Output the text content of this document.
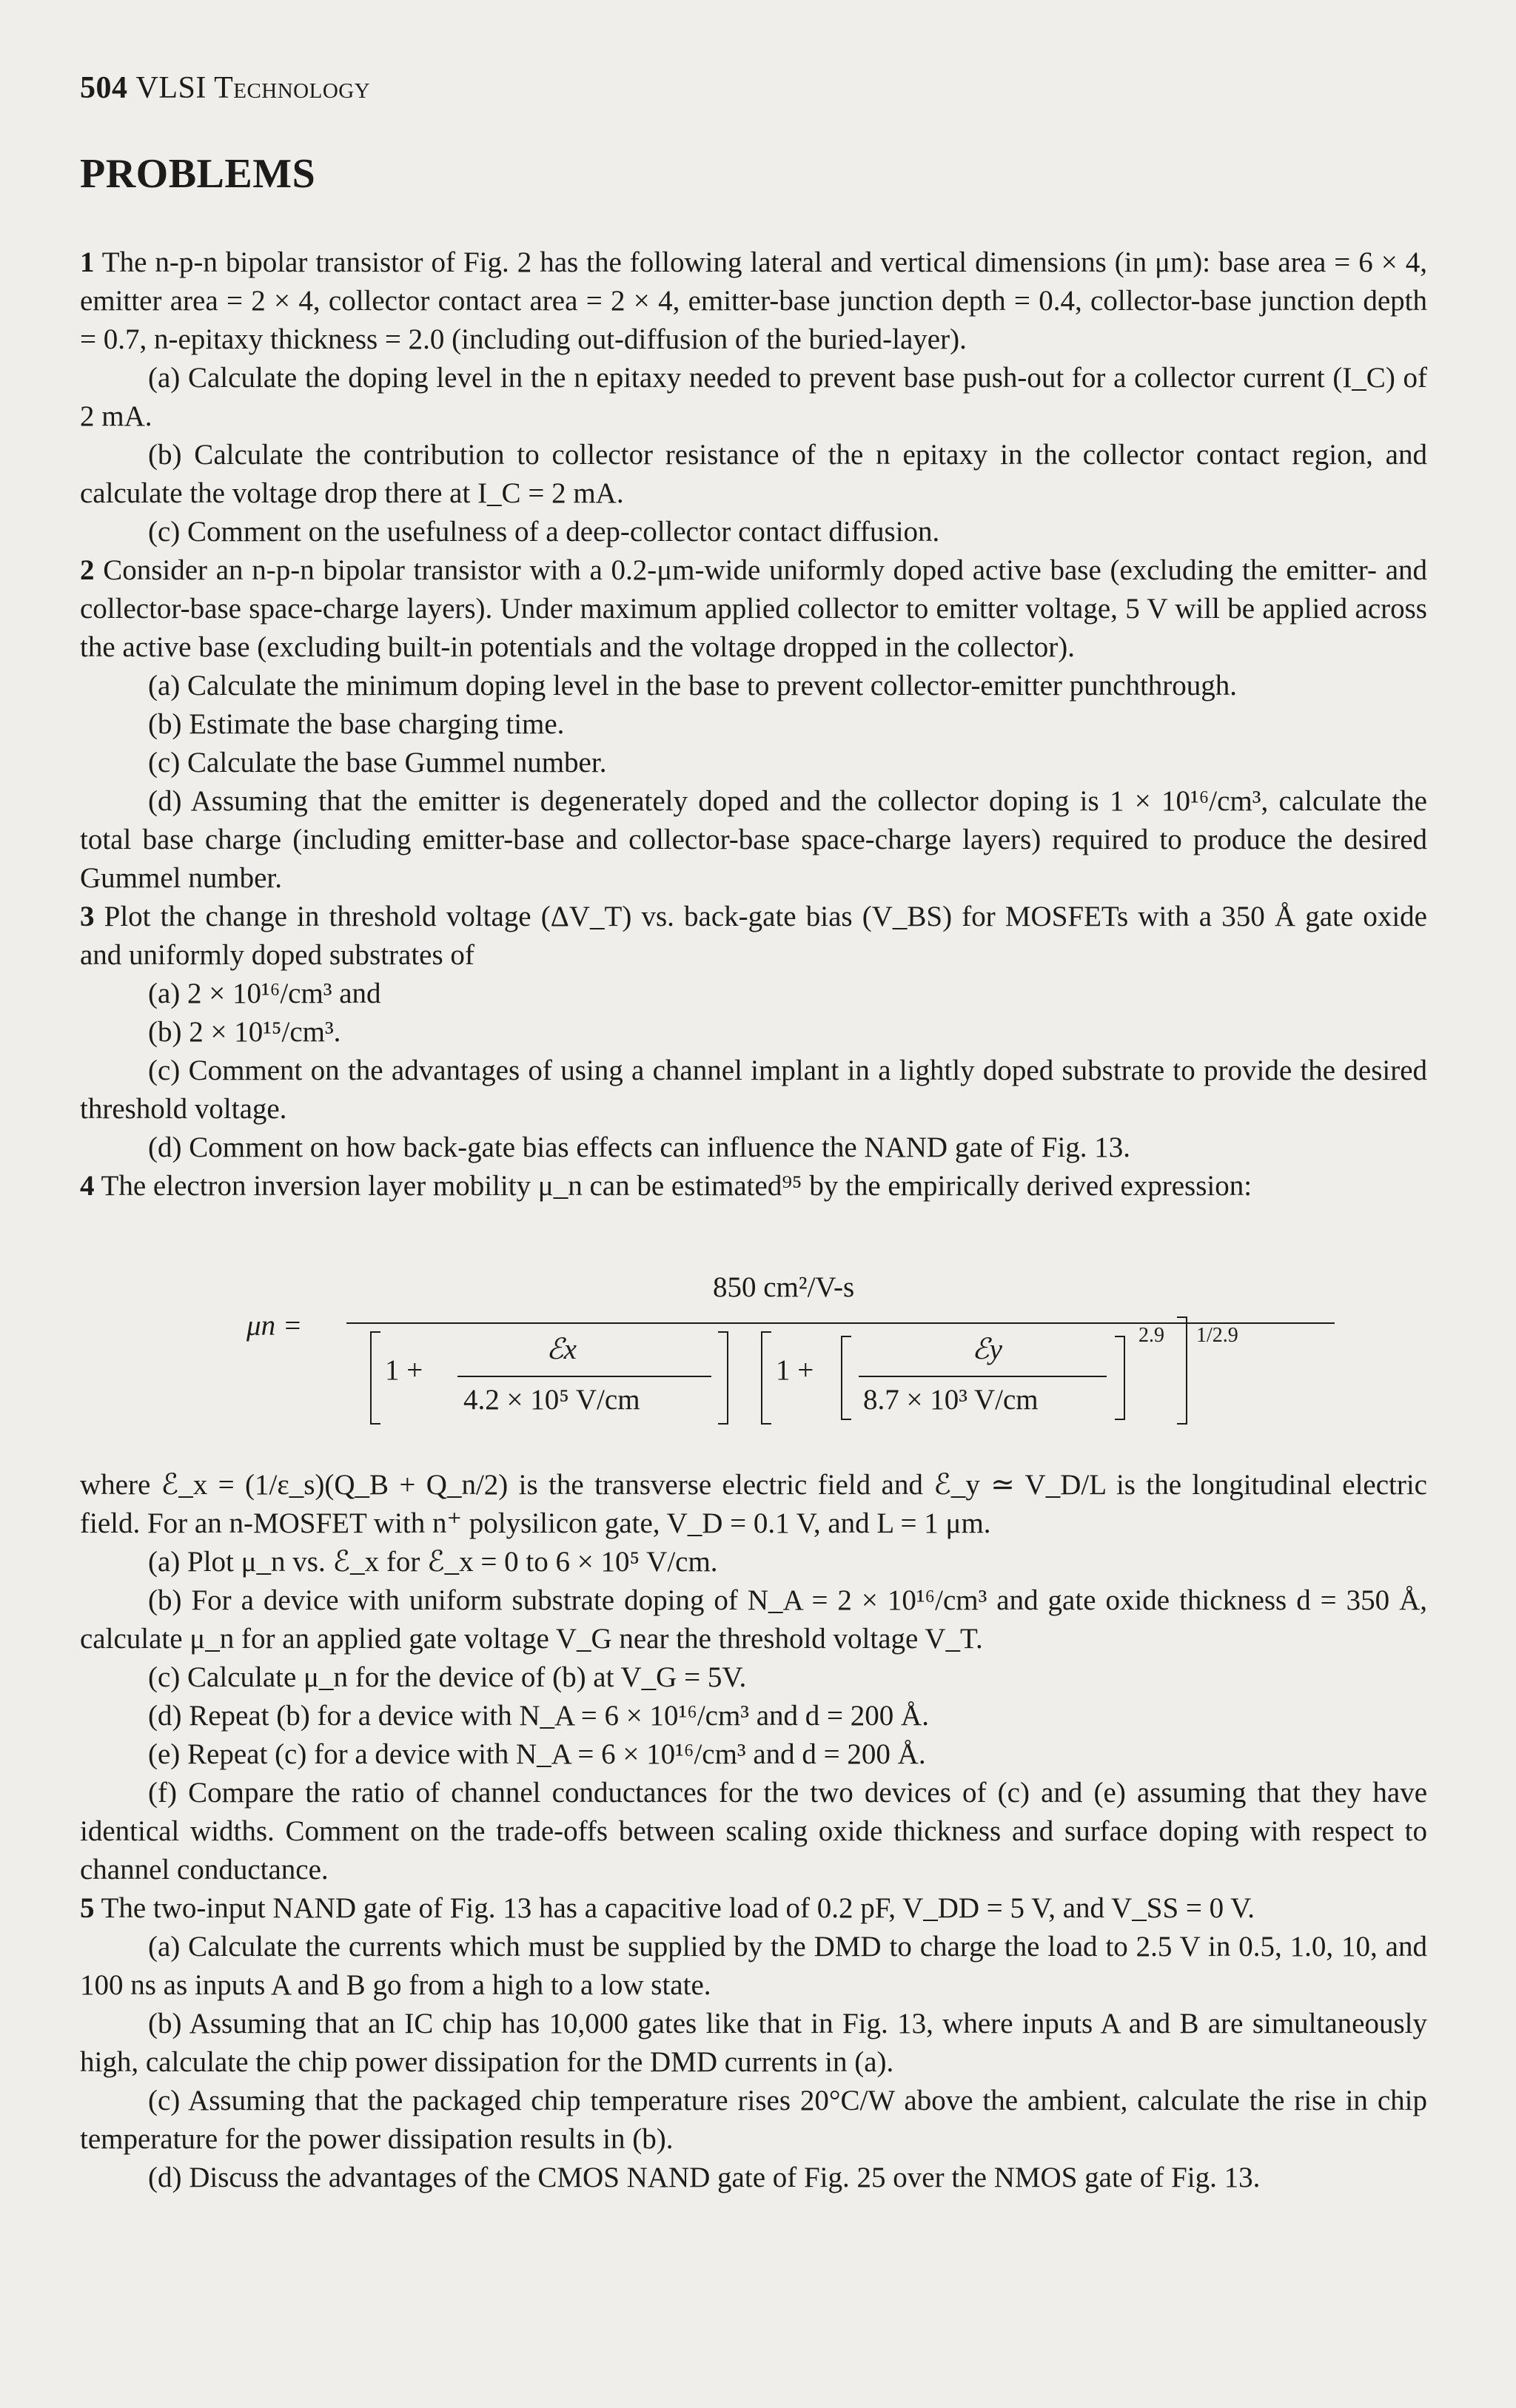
504 VLSI Technology
PROBLEMS

1 The n-p-n bipolar transistor of Fig. 2 has the following lateral and vertical dimensions (in μm): base area = 6 × 4, emitter area = 2 × 4, collector contact area = 2 × 4, emitter-base junction depth = 0.4, collector-base junction depth = 0.7, n-epitaxy thickness = 2.0 (including out-diffusion of the buried-layer).

(a) Calculate the doping level in the n epitaxy needed to prevent base push-out for a collector current (I_C) of 2 mA.

(b) Calculate the contribution to collector resistance of the n epitaxy in the collector contact region, and calculate the voltage drop there at I_C = 2 mA.

(c) Comment on the usefulness of a deep-collector contact diffusion.

2 Consider an n-p-n bipolar transistor with a 0.2-μm-wide uniformly doped active base (excluding the emitter- and collector-base space-charge layers). Under maximum applied collector to emitter voltage, 5 V will be applied across the active base (excluding built-in potentials and the voltage dropped in the collector).

(a) Calculate the minimum doping level in the base to prevent collector-emitter punchthrough.

(b) Estimate the base charging time.

(c) Calculate the base Gummel number.

(d) Assuming that the emitter is degenerately doped and the collector doping is 1 × 10¹⁶/cm³, calculate the total base charge (including emitter-base and collector-base space-charge layers) required to produce the desired Gummel number.

3 Plot the change in threshold voltage (ΔV_T) vs. back-gate bias (V_BS) for MOSFETs with a 350 Å gate oxide and uniformly doped substrates of

(a) 2 × 10¹⁶/cm³ and

(b) 2 × 10¹⁵/cm³.

(c) Comment on the advantages of using a channel implant in a lightly doped substrate to provide the desired threshold voltage.

(d) Comment on how back-gate bias effects can influence the NAND gate of Fig. 13.

4 The electron inversion layer mobility μ_n can be estimated⁹⁵ by the empirically derived expression:

μn =
850 cm²/V-s
1 +
ℰx
4.2 × 10⁵ V/cm
1 +
ℰy
8.7 × 10³ V/cm
2.9 1/2.9

where ℰ_x = (1/ε_s)(Q_B + Q_n/2) is the transverse electric field and ℰ_y ≃ V_D/L is the longitudinal electric field. For an n-MOSFET with n⁺ polysilicon gate, V_D = 0.1 V, and L = 1 μm.

(a) Plot μ_n vs. ℰ_x for ℰ_x = 0 to 6 × 10⁵ V/cm.

(b) For a device with uniform substrate doping of N_A = 2 × 10¹⁶/cm³ and gate oxide thickness d = 350 Å, calculate μ_n for an applied gate voltage V_G near the threshold voltage V_T.

(c) Calculate μ_n for the device of (b) at V_G = 5V.

(d) Repeat (b) for a device with N_A = 6 × 10¹⁶/cm³ and d = 200 Å.

(e) Repeat (c) for a device with N_A = 6 × 10¹⁶/cm³ and d = 200 Å.

(f) Compare the ratio of channel conductances for the two devices of (c) and (e) assuming that they have identical widths. Comment on the trade-offs between scaling oxide thickness and surface doping with respect to channel conductance.

5 The two-input NAND gate of Fig. 13 has a capacitive load of 0.2 pF, V_DD = 5 V, and V_SS = 0 V.

(a) Calculate the currents which must be supplied by the DMD to charge the load to 2.5 V in 0.5, 1.0, 10, and 100 ns as inputs A and B go from a high to a low state.

(b) Assuming that an IC chip has 10,000 gates like that in Fig. 13, where inputs A and B are simultaneously high, calculate the chip power dissipation for the DMD currents in (a).

(c) Assuming that the packaged chip temperature rises 20°C/W above the ambient, calculate the rise in chip temperature for the power dissipation results in (b).

(d) Discuss the advantages of the CMOS NAND gate of Fig. 25 over the NMOS gate of Fig. 13.
